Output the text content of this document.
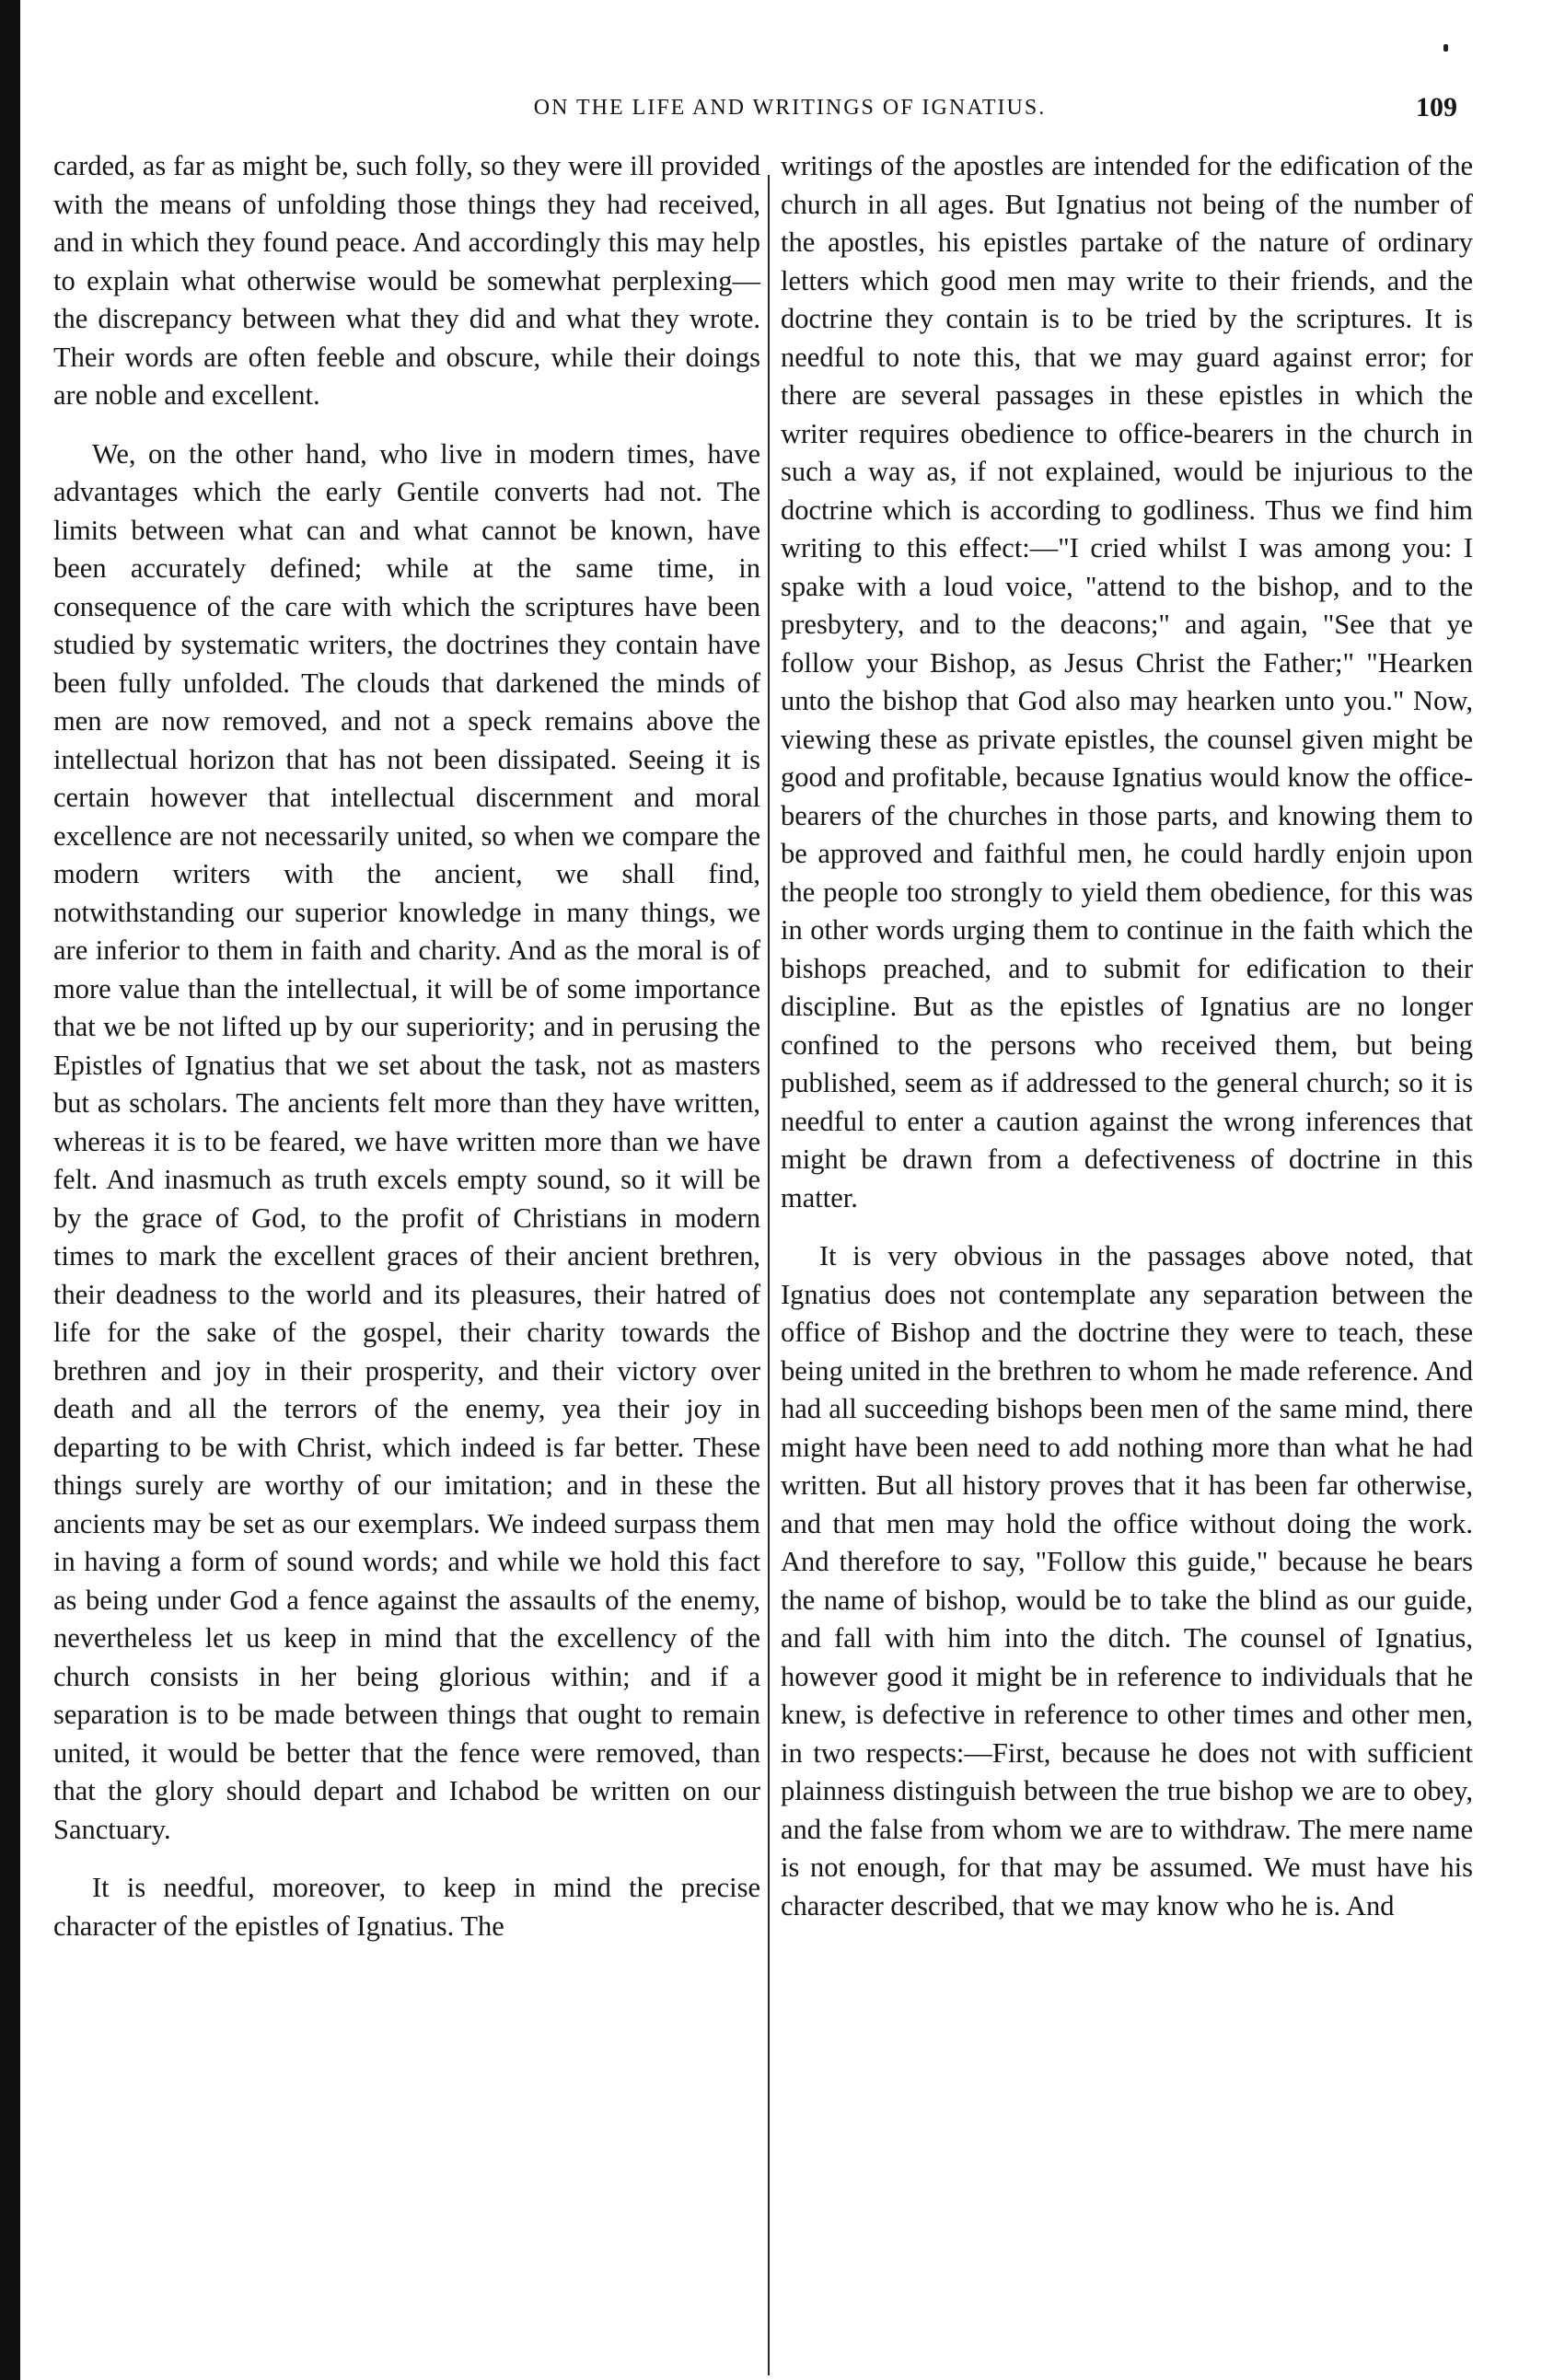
ON THE LIFE AND WRITINGS OF IGNATIUS.	109

carded, as far as might be, such folly, so they were ill provided with the means of unfolding those things they had received, and in which they found peace. And accordingly this may help to explain what otherwise would be somewhat perplexing—the discrepancy between what they did and what they wrote. Their words are often feeble and obscure, while their doings are noble and excellent.

We, on the other hand, who live in modern times, have advantages which the early Gentile converts had not. The limits between what can and what cannot be known, have been accurately defined; while at the same time, in consequence of the care with which the scriptures have been studied by systematic writers, the doctrines they contain have been fully unfolded. The clouds that darkened the minds of men are now removed, and not a speck remains above the intellectual horizon that has not been dissipated. Seeing it is certain however that intellectual discernment and moral excellence are not necessarily united, so when we compare the modern writers with the ancient, we shall find, notwithstanding our superior knowledge in many things, we are inferior to them in faith and charity. And as the moral is of more value than the intellectual, it will be of some importance that we be not lifted up by our superiority; and in perusing the Epistles of Ignatius that we set about the task, not as masters but as scholars. The ancients felt more than they have written, whereas it is to be feared, we have written more than we have felt. And inasmuch as truth excels empty sound, so it will be by the grace of God, to the profit of Christians in modern times to mark the excellent graces of their ancient brethren, their deadness to the world and its pleasures, their hatred of life for the sake of the gospel, their charity towards the brethren and joy in their prosperity, and their victory over death and all the terrors of the enemy, yea their joy in departing to be with Christ, which indeed is far better. These things surely are worthy of our imitation; and in these the ancients may be set as our exemplars. We indeed surpass them in having a form of sound words; and while we hold this fact as being under God a fence against the assaults of the enemy, nevertheless let us keep in mind that the excellency of the church consists in her being glorious within; and if a separation is to be made between things that ought to remain united, it would be better that the fence were removed, than that the glory should depart and Ichabod be written on our Sanctuary.

It is needful, moreover, to keep in mind the precise character of the epistles of Ignatius. The

writings of the apostles are intended for the edification of the church in all ages. But Ignatius not being of the number of the apostles, his epistles partake of the nature of ordinary letters which good men may write to their friends, and the doctrine they contain is to be tried by the scriptures. It is needful to note this, that we may guard against error; for there are several passages in these epistles in which the writer requires obedience to office-bearers in the church in such a way as, if not explained, would be injurious to the doctrine which is according to godliness. Thus we find him writing to this effect:—"I cried whilst I was among you: I spake with a loud voice, "attend to the bishop, and to the presbytery, and to the deacons;" and again, "See that ye follow your Bishop, as Jesus Christ the Father;" "Hearken unto the bishop that God also may hearken unto you." Now, viewing these as private epistles, the counsel given might be good and profitable, because Ignatius would know the office-bearers of the churches in those parts, and knowing them to be approved and faithful men, he could hardly enjoin upon the people too strongly to yield them obedience, for this was in other words urging them to continue in the faith which the bishops preached, and to submit for edification to their discipline. But as the epistles of Ignatius are no longer confined to the persons who received them, but being published, seem as if addressed to the general church; so it is needful to enter a caution against the wrong inferences that might be drawn from a defectiveness of doctrine in this matter.

It is very obvious in the passages above noted, that Ignatius does not contemplate any separation between the office of Bishop and the doctrine they were to teach, these being united in the brethren to whom he made reference. And had all succeeding bishops been men of the same mind, there might have been need to add nothing more than what he had written. But all history proves that it has been far otherwise, and that men may hold the office without doing the work. And therefore to say, "Follow this guide," because he bears the name of bishop, would be to take the blind as our guide, and fall with him into the ditch. The counsel of Ignatius, however good it might be in reference to individuals that he knew, is defective in reference to other times and other men, in two respects:—First, because he does not with sufficient plainness distinguish between the true bishop we are to obey, and the false from whom we are to withdraw. The mere name is not enough, for that may be assumed. We must have his character described, that we may know who he is. And
